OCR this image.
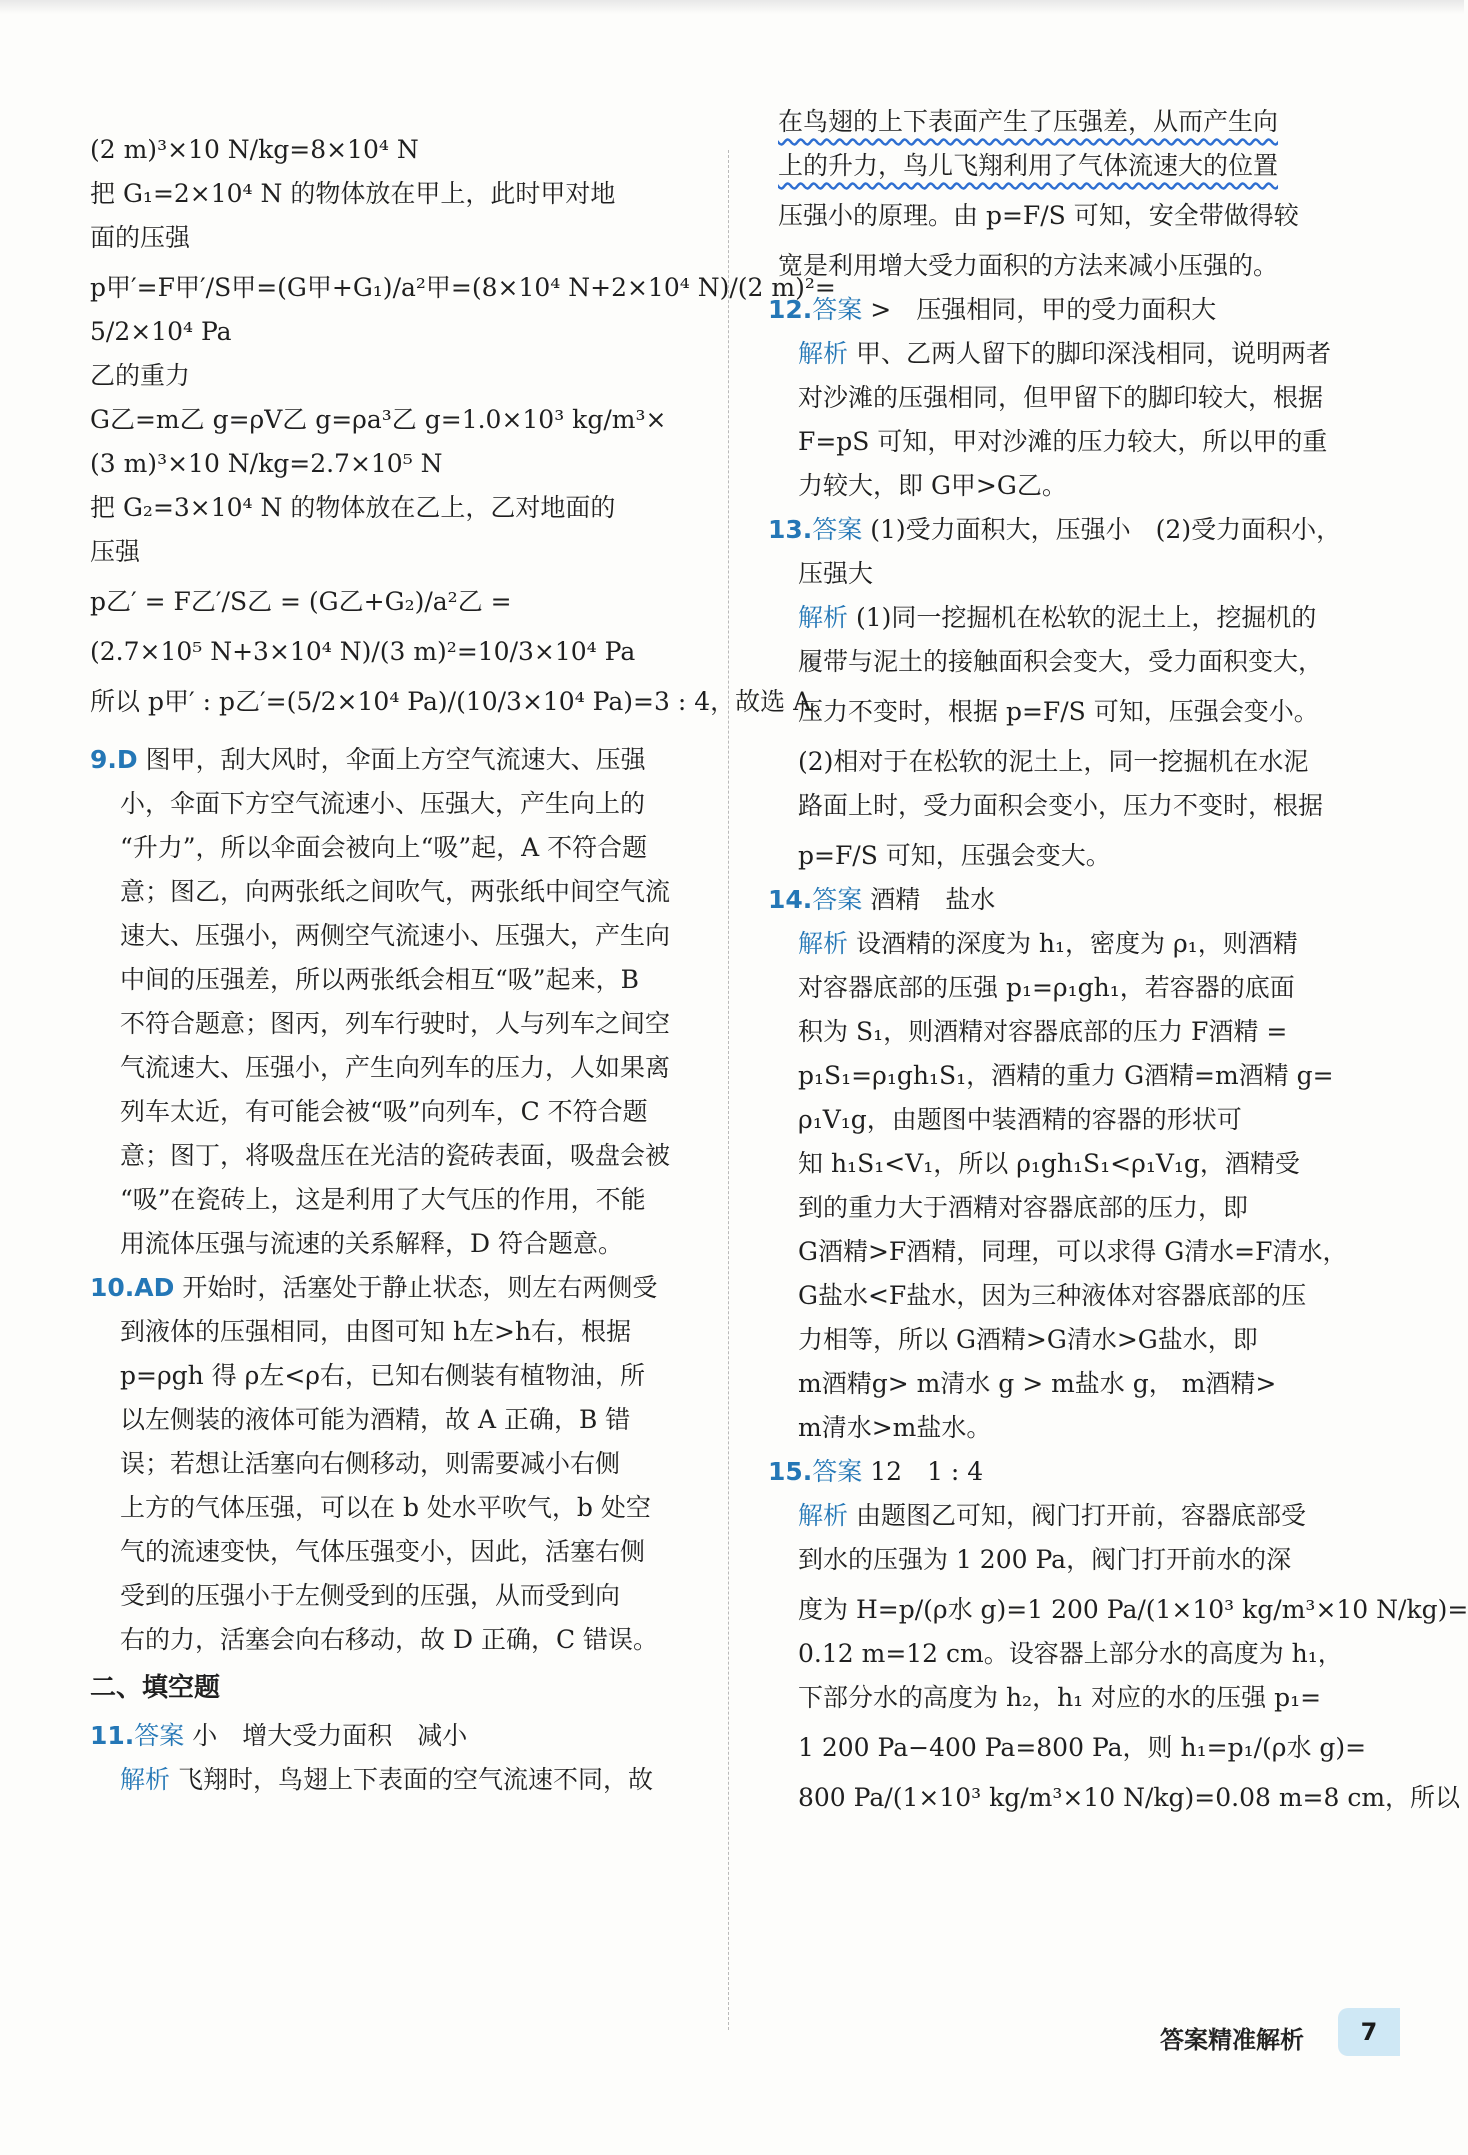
(2 m)³×10 N/kg=8×10⁴ N

把 G₁=2×10⁴ N 的物体放在甲上，此时甲对地

面的压强

p甲′=F甲′/S甲=(G甲+G₁)/a²甲=(8×10⁴ N+2×10⁴ N)/(2 m)²=

5/2×10⁴ Pa

乙的重力

G乙=m乙 g=ρV乙 g=ρa³乙 g=1.0×10³ kg/m³×

(3 m)³×10 N/kg=2.7×10⁵ N

把 G₂=3×10⁴ N 的物体放在乙上，乙对地面的

压强

p乙′ = F乙′/S乙 = (G乙+G₂)/a²乙 =

(2.7×10⁵ N+3×10⁴ N)/(3 m)²=10/3×10⁴ Pa

所以 p甲′ : p乙′=(5/2×10⁴ Pa)/(10/3×10⁴ Pa)=3 : 4，故选 A。

9.D 图甲，刮大风时，伞面上方空气流速大、压强

小，伞面下方空气流速小、压强大，产生向上的

“升力”，所以伞面会被向上“吸”起，A 不符合题

意；图乙，向两张纸之间吹气，两张纸中间空气流

速大、压强小，两侧空气流速小、压强大，产生向

中间的压强差，所以两张纸会相互“吸”起来，B

不符合题意；图丙，列车行驶时，人与列车之间空

气流速大、压强小，产生向列车的压力，人如果离

列车太近，有可能会被“吸”向列车，C 不符合题

意；图丁，将吸盘压在光洁的瓷砖表面，吸盘会被

“吸”在瓷砖上，这是利用了大气压的作用，不能

用流体压强与流速的关系解释，D 符合题意。

10.AD 开始时，活塞处于静止状态，则左右两侧受

到液体的压强相同，由图可知 h左>h右，根据

p=ρgh 得 ρ左<ρ右，已知右侧装有植物油，所

以左侧装的液体可能为酒精，故 A 正确，B 错

误；若想让活塞向右侧移动，则需要减小右侧

上方的气体压强，可以在 b 处水平吹气，b 处空

气的流速变快，气体压强变小，因此，活塞右侧

受到的压强小于左侧受到的压强，从而受到向

右的力，活塞会向右移动，故 D 正确，C 错误。

二、填空题

11.答案 小　增大受力面积　减小

解析 飞翔时，鸟翅上下表面的空气流速不同，故

在鸟翅的上下表面产生了压强差，从而产生向

上的升力，鸟儿飞翔利用了气体流速大的位置

压强小的原理。由 p=F/S 可知，安全带做得较

宽是利用增大受力面积的方法来减小压强的。

12.答案 >　压强相同，甲的受力面积大

解析 甲、乙两人留下的脚印深浅相同，说明两者

对沙滩的压强相同，但甲留下的脚印较大，根据

F=pS 可知，甲对沙滩的压力较大，所以甲的重

力较大，即 G甲>G乙。

13.答案 (1)受力面积大，压强小　(2)受力面积小，

压强大

解析 (1)同一挖掘机在松软的泥土上，挖掘机的

履带与泥土的接触面积会变大，受力面积变大，

压力不变时，根据 p=F/S 可知，压强会变小。

(2)相对于在松软的泥土上，同一挖掘机在水泥

路面上时，受力面积会变小，压力不变时，根据

p=F/S 可知，压强会变大。

14.答案 酒精　盐水

解析 设酒精的深度为 h₁，密度为 ρ₁，则酒精

对容器底部的压强 p₁=ρ₁gh₁，若容器的底面

积为 S₁，则酒精对容器底部的压力 F酒精 =

p₁S₁=ρ₁gh₁S₁，酒精的重力 G酒精=m酒精 g=

ρ₁V₁g，由题图中装酒精的容器的形状可

知 h₁S₁<V₁，所以 ρ₁gh₁S₁<ρ₁V₁g，酒精受

到的重力大于酒精对容器底部的压力，即

G酒精>F酒精，同理，可以求得 G清水=F清水，

G盐水<F盐水，因为三种液体对容器底部的压

力相等，所以 G酒精>G清水>G盐水，即

m酒精g> m清水 g > m盐水 g， m酒精>

m清水>m盐水。

15.答案 12　1 : 4

解析 由题图乙可知，阀门打开前，容器底部受

到水的压强为 1 200 Pa，阀门打开前水的深

度为 H=p/(ρ水 g)=1 200 Pa/(1×10³ kg/m³×10 N/kg)=

0.12 m=12 cm。设容器上部分水的高度为 h₁，

下部分水的高度为 h₂，h₁ 对应的水的压强 p₁=

1 200 Pa−400 Pa=800 Pa，则 h₁=p₁/(ρ水 g)=

800 Pa/(1×10³ kg/m³×10 N/kg)=0.08 m=8 cm，所以

答案精准解析	7
